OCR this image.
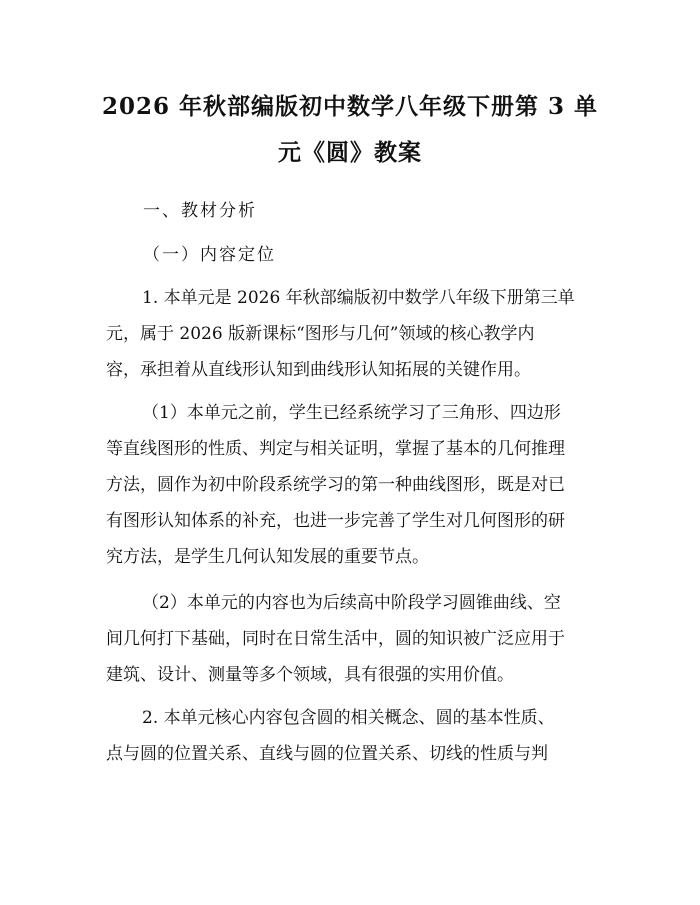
2026 年秋部编版初中数学八年级下册第 3 单
元《圆》教案
一、教材分析
（一）内容定位
1. 本单元是 2026 年秋部编版初中数学八年级下册第三单
元，属于 2026 版新课标“图形与几何”领域的核心教学内
容，承担着从直线形认知到曲线形认知拓展的关键作用。
（1）本单元之前，学生已经系统学习了三角形、四边形
等直线图形的性质、判定与相关证明，掌握了基本的几何推理
方法，圆作为初中阶段系统学习的第一种曲线图形，既是对已
有图形认知体系的补充，也进一步完善了学生对几何图形的研
究方法，是学生几何认知发展的重要节点。
（2）本单元的内容也为后续高中阶段学习圆锥曲线、空
间几何打下基础，同时在日常生活中，圆的知识被广泛应用于
建筑、设计、测量等多个领域，具有很强的实用价值。
2. 本单元核心内容包含圆的相关概念、圆的基本性质、
点与圆的位置关系、直线与圆的位置关系、切线的性质与判
